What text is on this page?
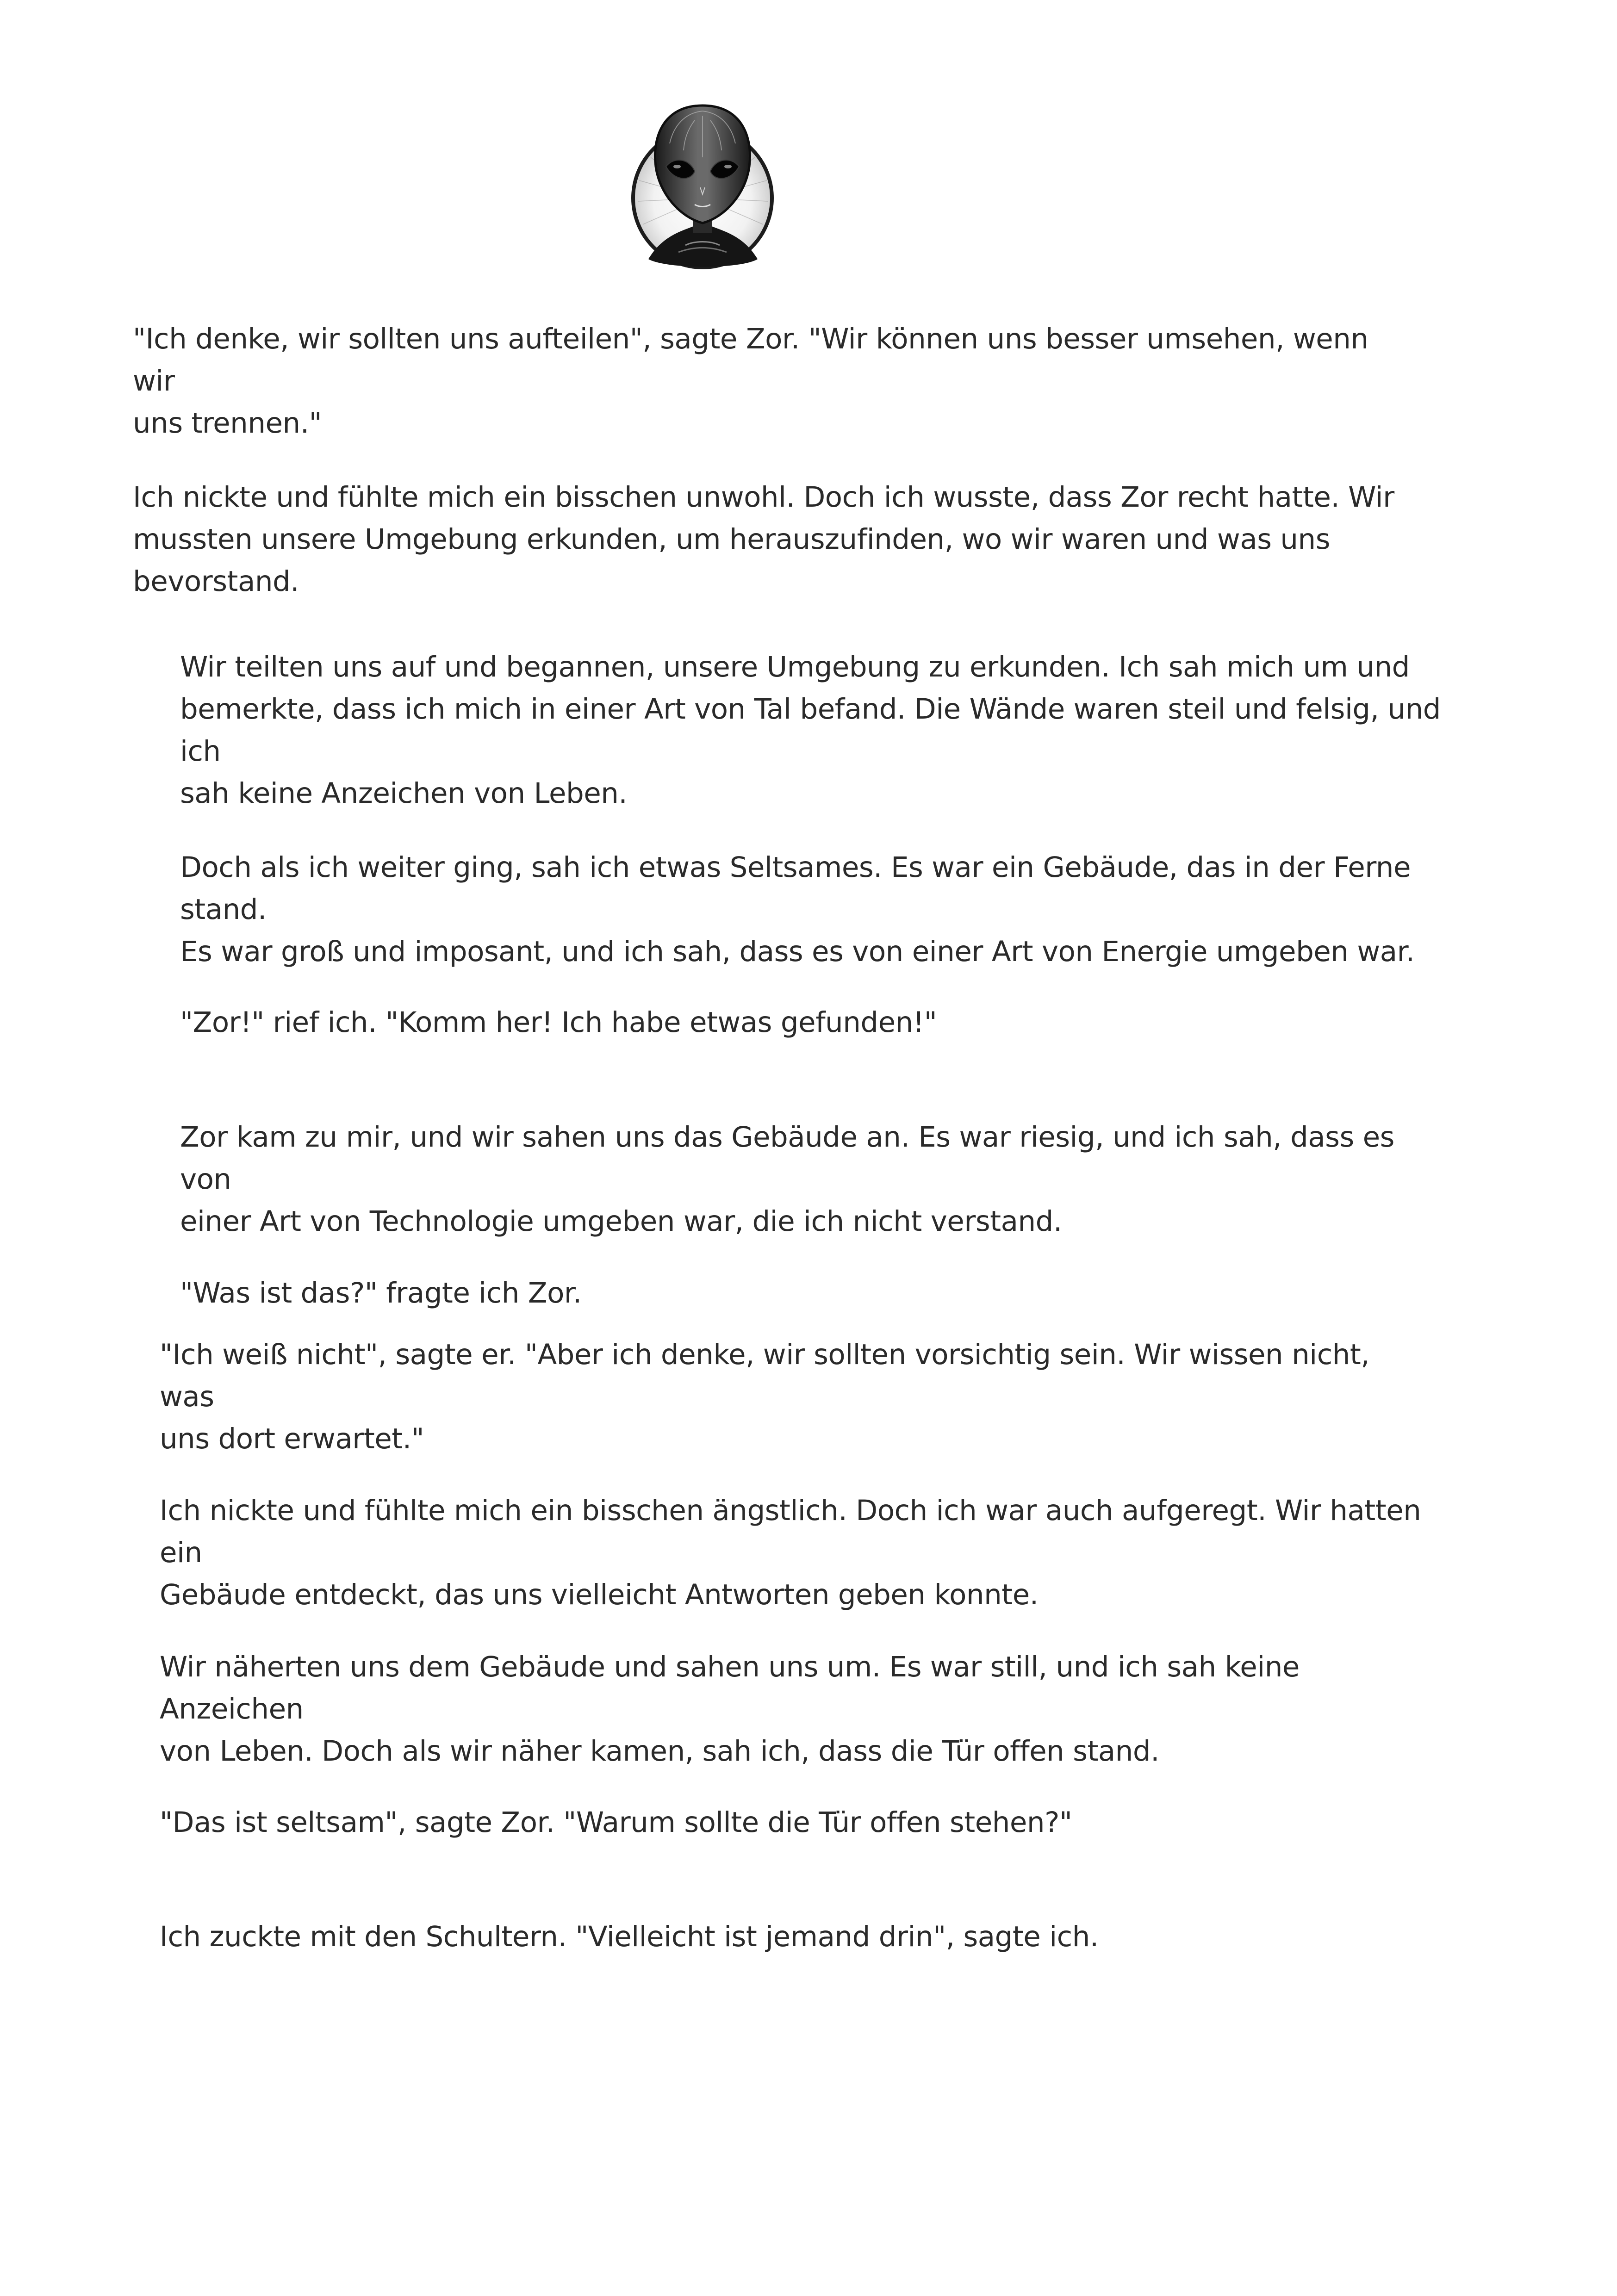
"Ich denke, wir sollten uns aufteilen", sagte Zor. "Wir können uns besser umsehen, wenn wir
uns trennen."

Ich nickte und fühlte mich ein bisschen unwohl. Doch ich wusste, dass Zor recht hatte. Wir
mussten unsere Umgebung erkunden, um herauszufinden, wo wir waren und was uns
bevorstand.

Wir teilten uns auf und begannen, unsere Umgebung zu erkunden. Ich sah mich um und
bemerkte, dass ich mich in einer Art von Tal befand. Die Wände waren steil und felsig, und ich
sah keine Anzeichen von Leben.

Doch als ich weiter ging, sah ich etwas Seltsames. Es war ein Gebäude, das in der Ferne stand.
Es war groß und imposant, und ich sah, dass es von einer Art von Energie umgeben war.

"Zor!" rief ich. "Komm her! Ich habe etwas gefunden!"

Zor kam zu mir, und wir sahen uns das Gebäude an. Es war riesig, und ich sah, dass es von
einer Art von Technologie umgeben war, die ich nicht verstand.

"Was ist das?" fragte ich Zor.

"Ich weiß nicht", sagte er. "Aber ich denke, wir sollten vorsichtig sein. Wir wissen nicht, was
uns dort erwartet."

Ich nickte und fühlte mich ein bisschen ängstlich. Doch ich war auch aufgeregt. Wir hatten ein
Gebäude entdeckt, das uns vielleicht Antworten geben konnte.

Wir näherten uns dem Gebäude und sahen uns um. Es war still, und ich sah keine Anzeichen
von Leben. Doch als wir näher kamen, sah ich, dass die Tür offen stand.

"Das ist seltsam", sagte Zor. "Warum sollte die Tür offen stehen?"

Ich zuckte mit den Schultern. "Vielleicht ist jemand drin", sagte ich.
